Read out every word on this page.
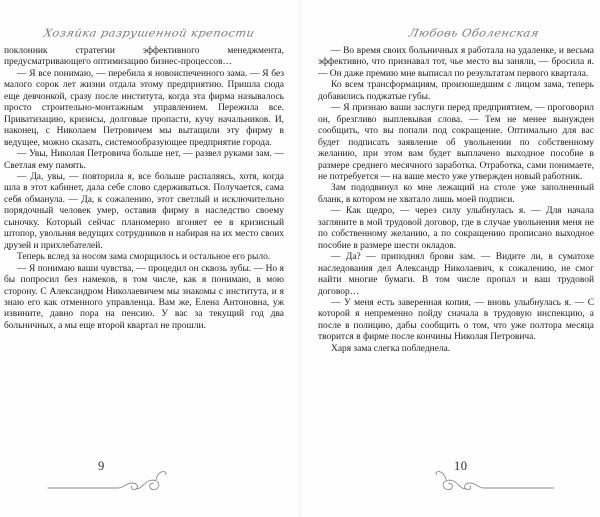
Хозяйка разрушенной крепости

поклонник стратегии эффективного менеджмента, предусматривающего оптимизацию бизнес-процессов…

— Я все понимаю, — перебила я новоиспеченного зама. — Я без малого сорок лет жизни отдала этому предприятию. Пришла сюда еще девчонкой, сразу после института, когда эта фирма называлось просто строительно-монтажным управлением. Пережила все. Приватизацию, кризисы, долговые пропасти, кучу начальников. И, наконец, с Николаем Петровичем мы вытащили эту фирму в ведущее, можно сказать, системообразующее предприятие города.

— Увы, Николая Петровича больше нет, — развел руками зам. — Светлая ему память.

— Да, увы, — повторила я, все больше распаляясь, хотя, когда шла в этот кабинет, дала себе слово сдерживаться. Получается, сама себя обманула. — Да, к сожалению, этот светлый и исключительно порядочный человек умер, оставив фирму в наследство своему сыночку. Который сейчас планомерно вгоняет ее в кризисный штопор, увольняя ведущих сотрудников и набирая на их место своих друзей и прихлебателей.

Теперь вслед за носом зама сморщилось и остальное его рыло.

— Я понимаю ваши чувства, — процедил он сквозь зубы. — Но я бы попросил без намеков, в том числе, как я понимаю, в мою сторону. С Александром Николаевичем мы знакомы с института, и я знаю его как отменного управленца. Вам же, Елена Антоновна, уж извините, давно пора на пенсию. У вас за текущий год два больничных, а мы еще второй квартал не прошли.

9
Любовь Оболенская

— Во время своих больничных я работала на удаленке, и весьма эффективно, что признавал тот, чье место вы заняли, — бросила я. — Он даже премию мне выписал по результатам первого квартала.

Ко всем трансформациям, произошедшим с лицом зама, теперь добавились поджатые губы.

— Я признаю ваши заслуги перед предприятием, — проговорил он, брезгливо выплевывая слова. — Тем не менее вынужден сообщить, что вы попали под сокращение. Оптимально для вас будет подписать заявление об увольнении по собственному желанию, при этом вам будет выплачено выходное пособие в размере среднего месячного заработка. Отработка, сами понимаете, не потребуется — на ваше место уже утвержден новый работник.

Зам пододвинул ко мне лежащий на столе уже заполненный бланк, в котором не хватало лишь моей подписи.

— Как щедро, — через силу улыбнулась я. — Для начала загляните в мой трудовой договор, где в случае увольнения меня не по собственному желанию, а по сокращению прописано выходное пособие в размере шести окладов.

— Да? — приподнял брови зам. — Видите ли, в суматохе наследования дел Александр Николаевич, к сожалению, не смог найти многие бумаги. В том числе пропал и ваш трудовой договор…

— У меня есть заверенная копия, — вновь улыбнулась я. — С которой я непременно пойду сначала в трудовую инспекцию, а после в полицию, дабы сообщить о том, что уже полтора месяца творится в фирме после кончины Николая Петровича.

Харя зама слегка побледнела.

10
